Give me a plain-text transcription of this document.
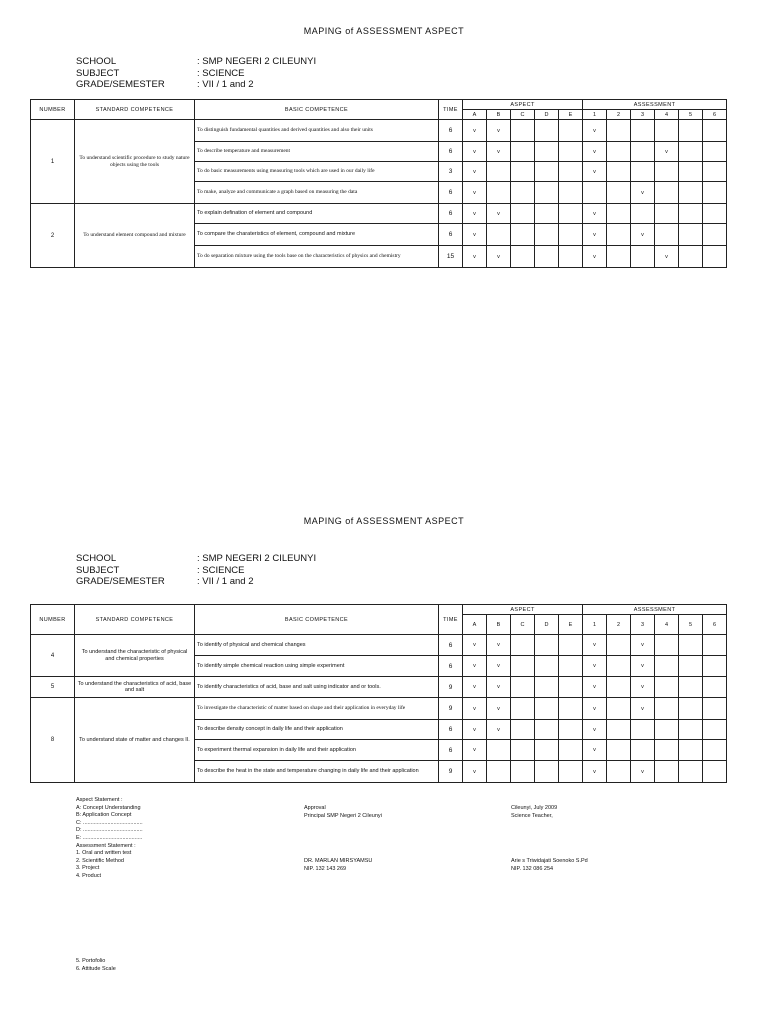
MAPING of ASSESSMENT ASPECT
SCHOOL	: SMP NEGERI 2 CILEUNYI
SUBJECT	: SCIENCE
GRADE/SEMESTER	: VII / 1 and 2
NUMBER	STANDARD COMPETENCE	BASIC COMPETENCE	TIME	ASPECT					ASSESSMENT					
				A	B	C	D	E	1	2	3	4	5	6
1	To understand scientific procedure to study nature objects using the tools	To distinguish fundamental quantities and derived quantities and also their units	6	v	v				v					
		To describe temperature and measurement	6	v	v				v			v		
		To do basic measurements using measuring tools which are used in our daily life	3	v					v					
		To make, analyze and communicate a graph based on measuring the data	6	v							v			
2	To understand element compound and mixture	To explain defination of element and compound	6	v	v				v					
		To compare the charateristics of element, compound and mixture	6	v					v		v			
		To do separation mixture using the tools base on the characteristics of physics and chemistry	15	v	v				v			v		
MAPING of ASSESSMENT ASPECT
SCHOOL	: SMP NEGERI 2 CILEUNYI
SUBJECT	: SCIENCE
GRADE/SEMESTER	: VII / 1 and 2
NUMBER	STANDARD COMPETENCE	BASIC COMPETENCE	TIME	ASPECT					ASSESSMENT					
				A	B	C	D	E	1	2	3	4	5	6
4	To understand the characteristic of physical and chemical properties	To identify of physical and chemical changes	6	v	v				v		v			
		To identify simple chemical reaction using simple experiment	6	v	v				v		v			
5	To understand the characteristics of acid, base and salt	To identify characteristics of acid, base and salt using indicator and or tools.	9	v	v				v		v			
8	To understand state of matter and changes II.	To investigate the characteristic of matter based on shape and their application in everyday life	9	v	v				v		v			
		To describe density concept in daily life and their application	6	v	v				v					
		To experiment thermal expansion in daily life and their application	6	v					v					
		To describe the heat in the state and temperature changing in daily life and their application	9	v					v		v			
Aspect Statement :
A: Concept Understanding
B: Application Concept
C: .......................................
D: .......................................
E: .......................................
Assessment Statement :
1. Oral and written test
2. Scientific Method
3. Project
4. Product
5. Portofolio
6. Attitude Scale
Approval
Principal SMP Negeri 2 Cileunyi
DR. MARLAN MIRSYAMSU
NIP. 132 143 269
Cileunyi, July 2009
Science Teacher,
Arie s Triwidajati Soenoko S.Pd
NIP. 132 086 254
